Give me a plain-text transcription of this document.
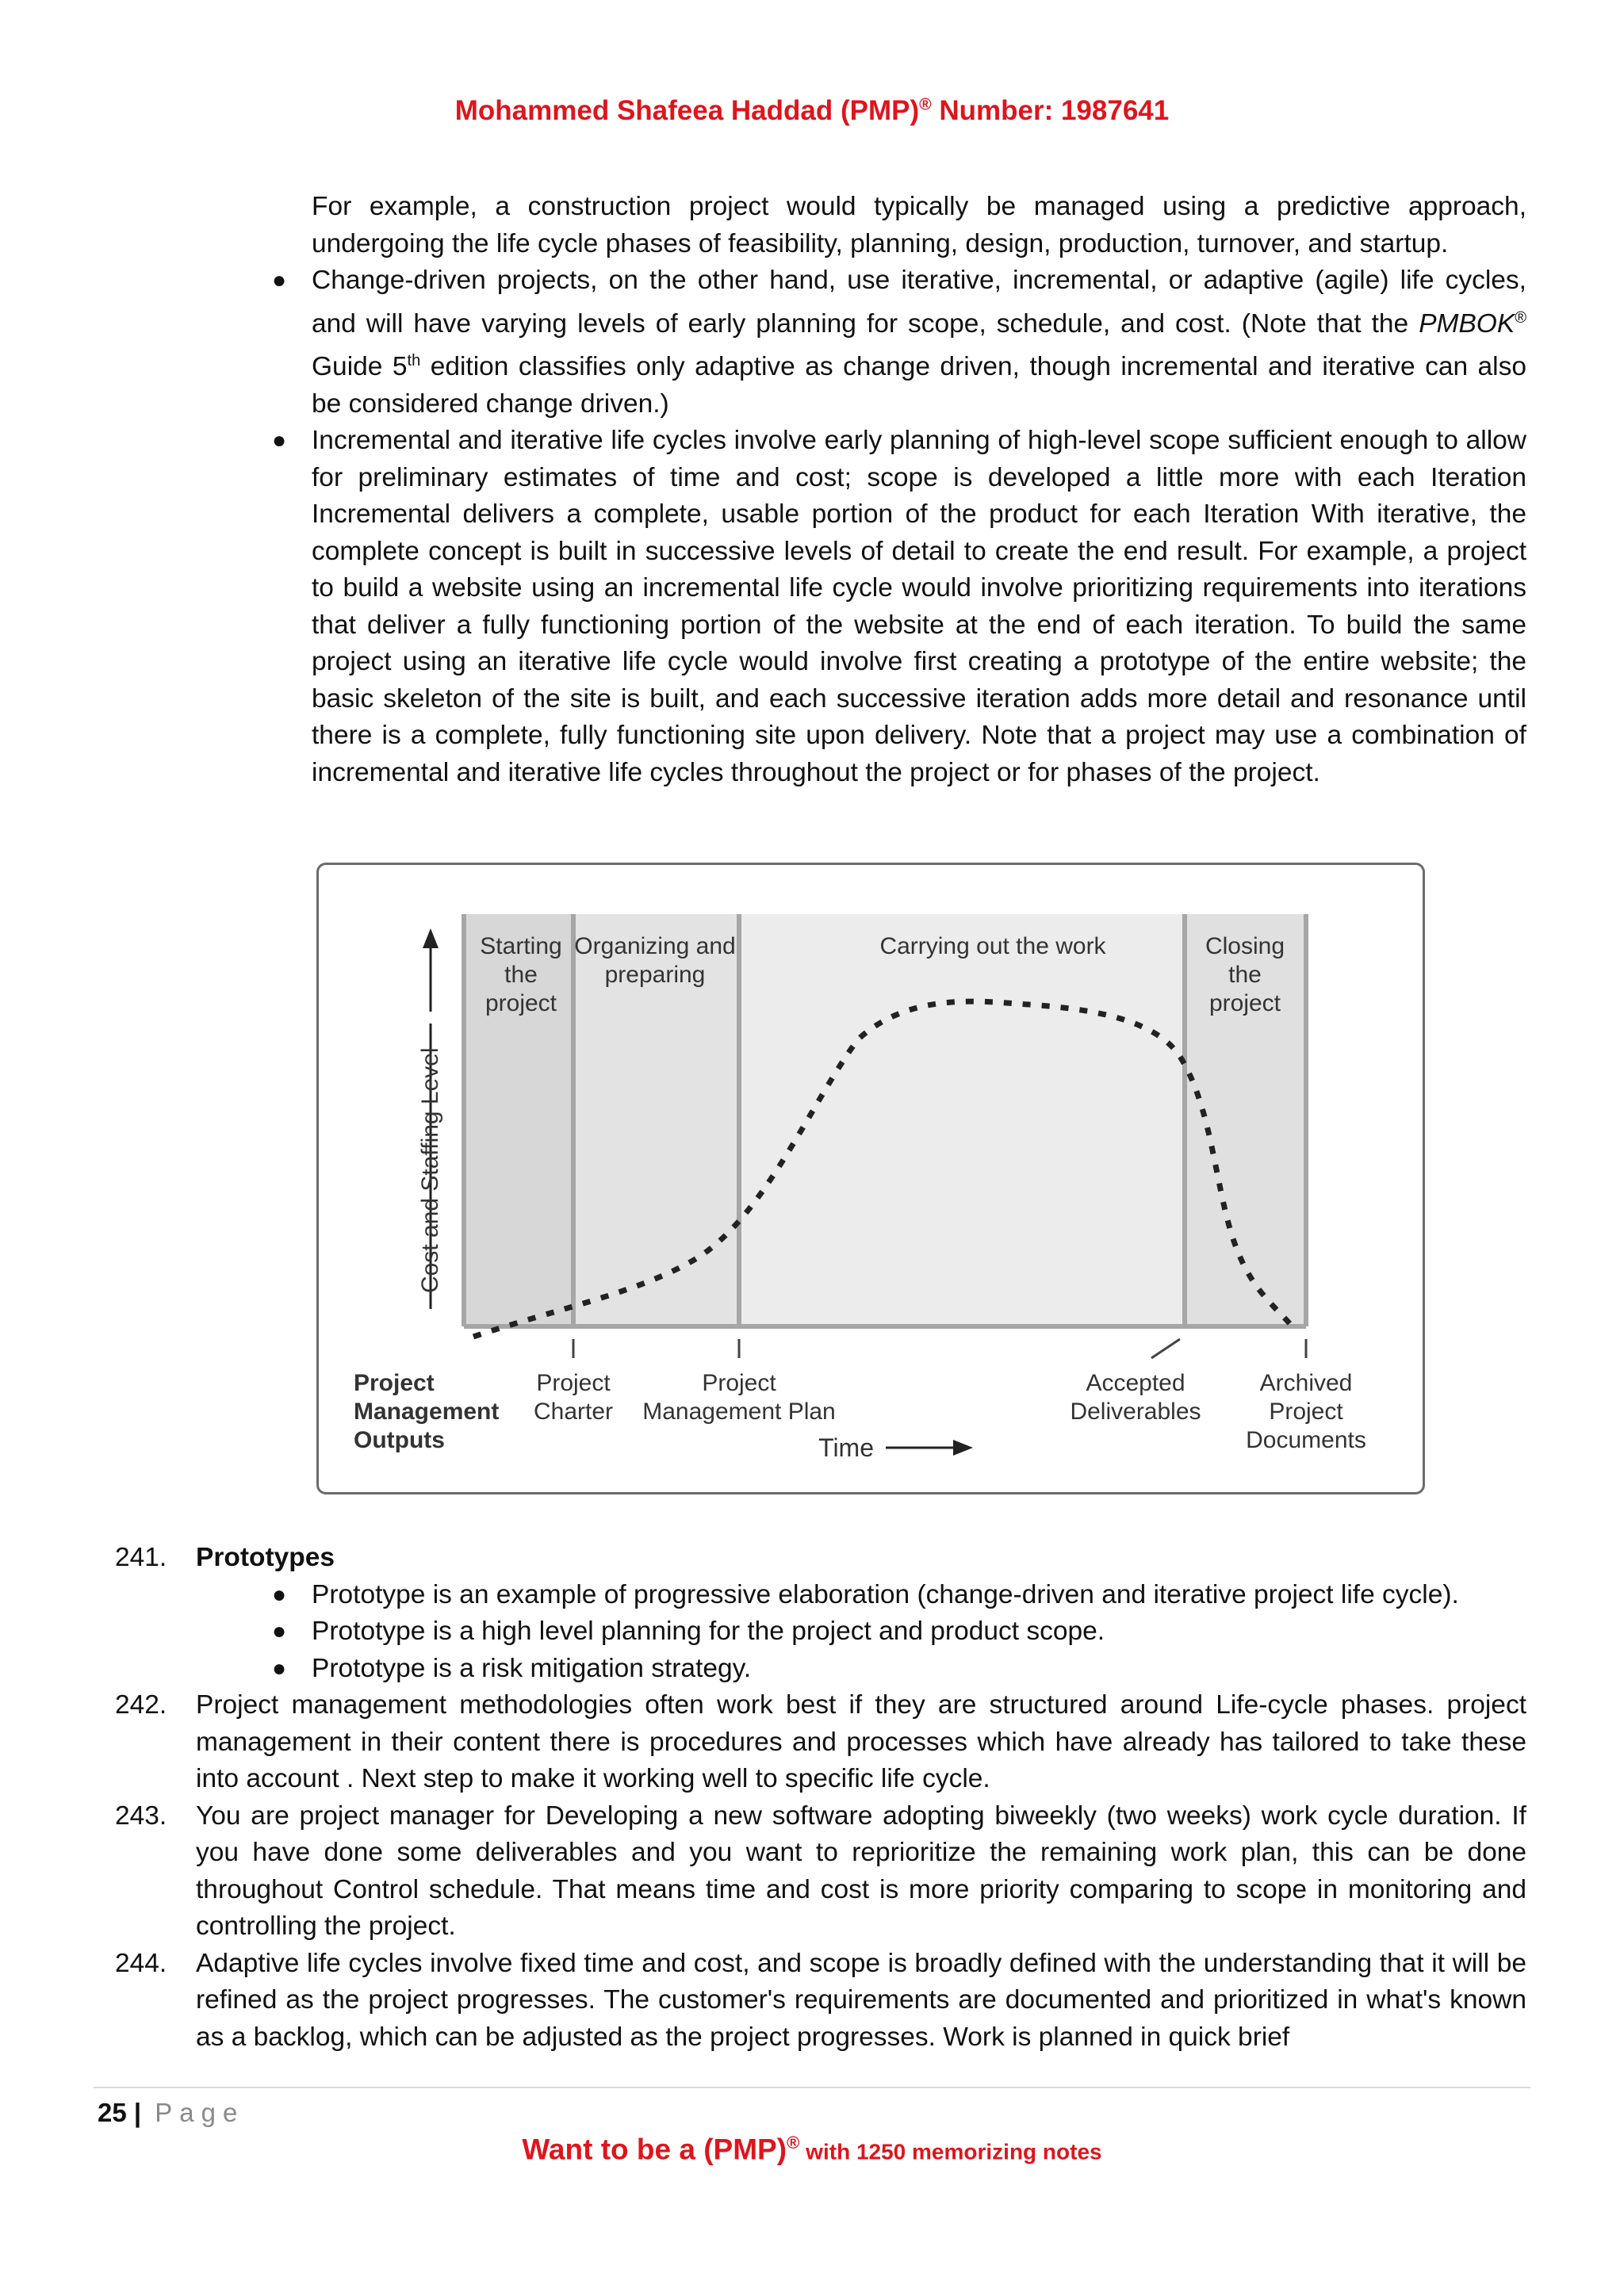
Mohammed Shafeea Haddad (PMP)® Number: 1987641

For example, a construction project would typically be managed using a predictive approach, undergoing the life cycle phases of feasibility, planning, design, production, turnover, and startup.

● Change-driven projects, on the other hand, use iterative, incremental, or adaptive (agile) life cycles, and will have varying levels of early planning for scope, schedule, and cost. (Note that the PMBOK® Guide 5th edition classifies only adaptive as change driven, though incremental and iterative can also be considered change driven.)
● Incremental and iterative life cycles involve early planning of high-level scope sufficient enough to allow for preliminary estimates of time and cost; scope is developed a little more with each Iteration Incremental delivers a complete, usable portion of the product for each Iteration With iterative, the complete concept is built in successive levels of detail to create the end result. For example, a project to build a website using an incremental life cycle would involve prioritizing requirements into iterations that deliver a fully functioning portion of the website at the end of each iteration. To build the same project using an iterative life cycle would involve first creating a prototype of the entire website; the basic skeleton of the site is built, and each successive iteration adds more detail and resonance until there is a complete, fully functioning site upon delivery. Note that a project may use a combination of incremental and iterative life cycles throughout the project or for phases of the project.
Cost and Staffing Level
Starting
the
project
Organizing and
preparing
Carrying out the work	Closing
the
project
Project
Management
Outputs
Project
Charter
Project
Management Plan
Accepted
Deliverables
Archived
Project
Documents
Time
241. Prototypes
● Prototype is an example of progressive elaboration (change-driven and iterative project life cycle).
● Prototype is a high level planning for the project and product scope.
● Prototype is a risk mitigation strategy.
242. Project management methodologies often work best if they are structured around Life-cycle phases. project management in their content there is procedures and processes which have already has tailored to take these into account . Next step to make it working well to specific life cycle.
243. You are project manager for Developing a new software adopting biweekly (two weeks) work cycle duration. If you have done some deliverables and you want to reprioritize the remaining work plan, this can be done throughout Control schedule. That means time and cost is more priority comparing to scope in monitoring and controlling the project.
244. Adaptive life cycles involve fixed time and cost, and scope is broadly defined with the understanding that it will be refined as the project progresses. The customer's requirements are documented and prioritized in what's known as a backlog, which can be adjusted as the project progresses. Work is planned in quick brief
25 | Page
Want to be a (PMP)® with 1250 memorizing notes
